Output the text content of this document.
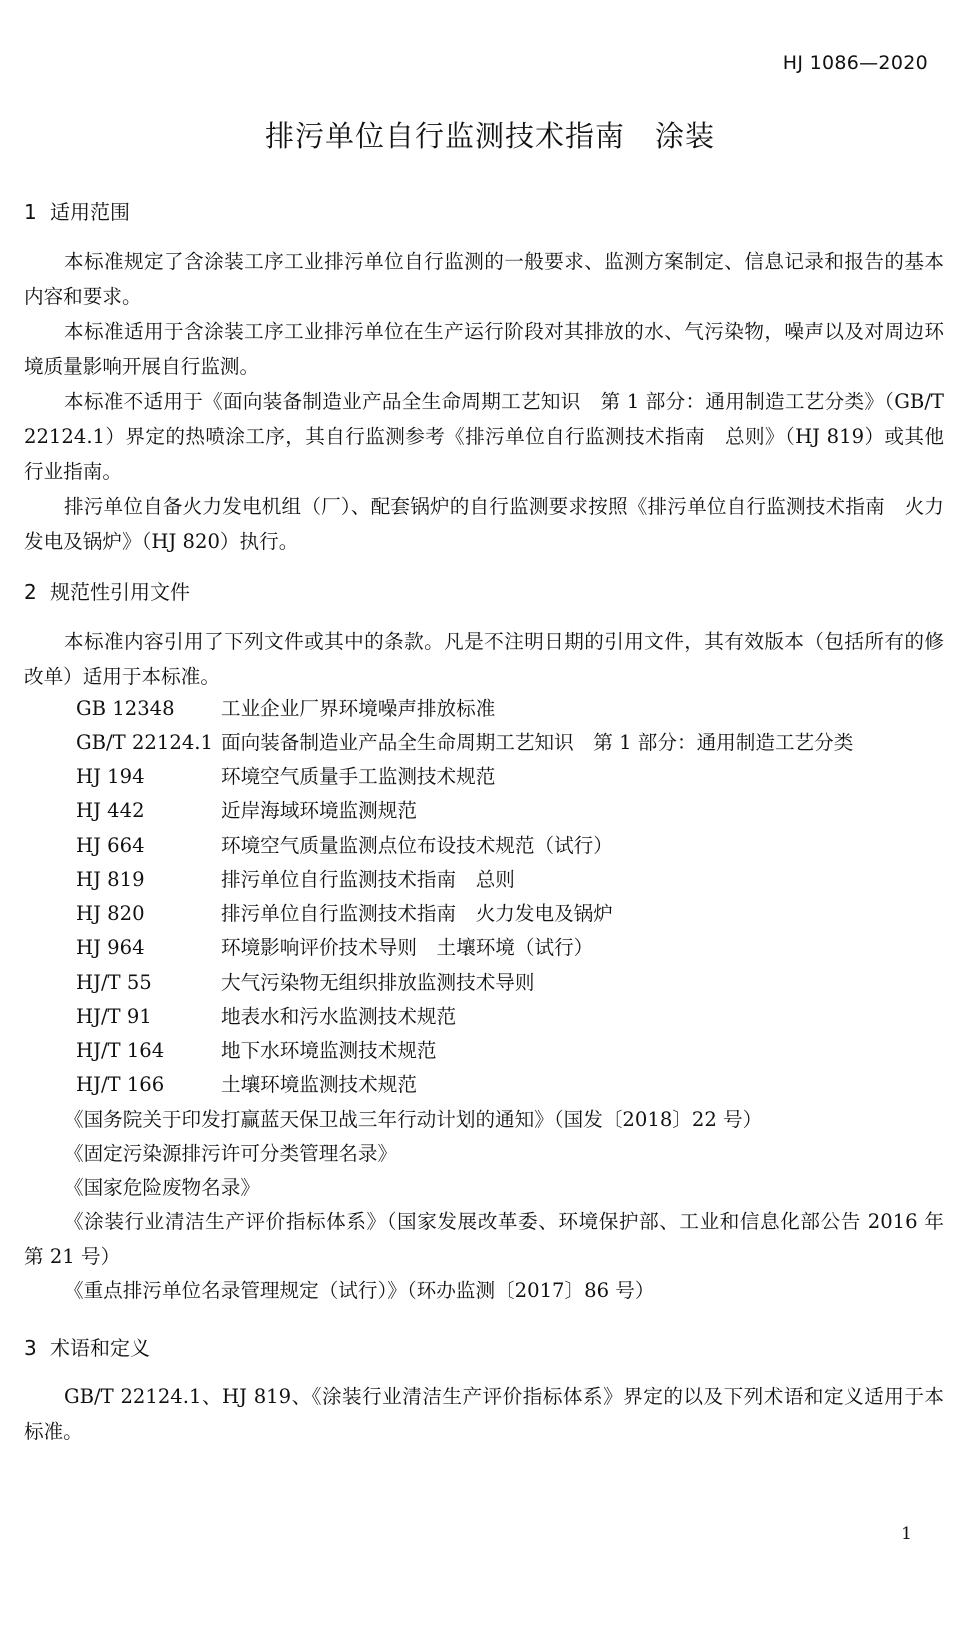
HJ 1086—2020
排污单位自行监测技术指南　涂装
1 适用范围
本标准规定了含涂装工序工业排污单位自行监测的一般要求、监测方案制定、信息记录和报告的基本内容和要求。
本标准适用于含涂装工序工业排污单位在生产运行阶段对其排放的水、气污染物，噪声以及对周边环境质量影响开展自行监测。
本标准不适用于《面向装备制造业产品全生命周期工艺知识　第 1 部分：通用制造工艺分类》（GB/T 22124.1）界定的热喷涂工序，其自行监测参考《排污单位自行监测技术指南　总则》（HJ 819）或其他行业指南。
排污单位自备火力发电机组（厂）、配套锅炉的自行监测要求按照《排污单位自行监测技术指南　火力发电及锅炉》（HJ 820）执行。
2 规范性引用文件
本标准内容引用了下列文件或其中的条款。凡是不注明日期的引用文件，其有效版本（包括所有的修改单）适用于本标准。
GB 12348 工业企业厂界环境噪声排放标准
GB/T 22124.1 面向装备制造业产品全生命周期工艺知识　第 1 部分：通用制造工艺分类
HJ 194	环境空气质量手工监测技术规范
HJ 442	近岸海域环境监测规范
HJ 664	环境空气质量监测点位布设技术规范（试行）
HJ 819	排污单位自行监测技术指南　总则
HJ 820	排污单位自行监测技术指南　火力发电及锅炉
HJ 964	环境影响评价技术导则　土壤环境（试行）
HJ/T 55	大气污染物无组织排放监测技术导则
HJ/T 91	地表水和污水监测技术规范
HJ/T 164	地下水环境监测技术规范
HJ/T 166	土壤环境监测技术规范
《国务院关于印发打赢蓝天保卫战三年行动计划的通知》（国发〔2018〕22 号）
《固定污染源排污许可分类管理名录》
《国家危险废物名录》
《涂装行业清洁生产评价指标体系》（国家发展改革委、环境保护部、工业和信息化部公告 2016 年 第 21 号）
《重点排污单位名录管理规定（试行）》（环办监测〔2017〕86 号）
3 术语和定义
GB/T 22124.1、HJ 819、《涂装行业清洁生产评价指标体系》界定的以及下列术语和定义适用于本标准。
1
